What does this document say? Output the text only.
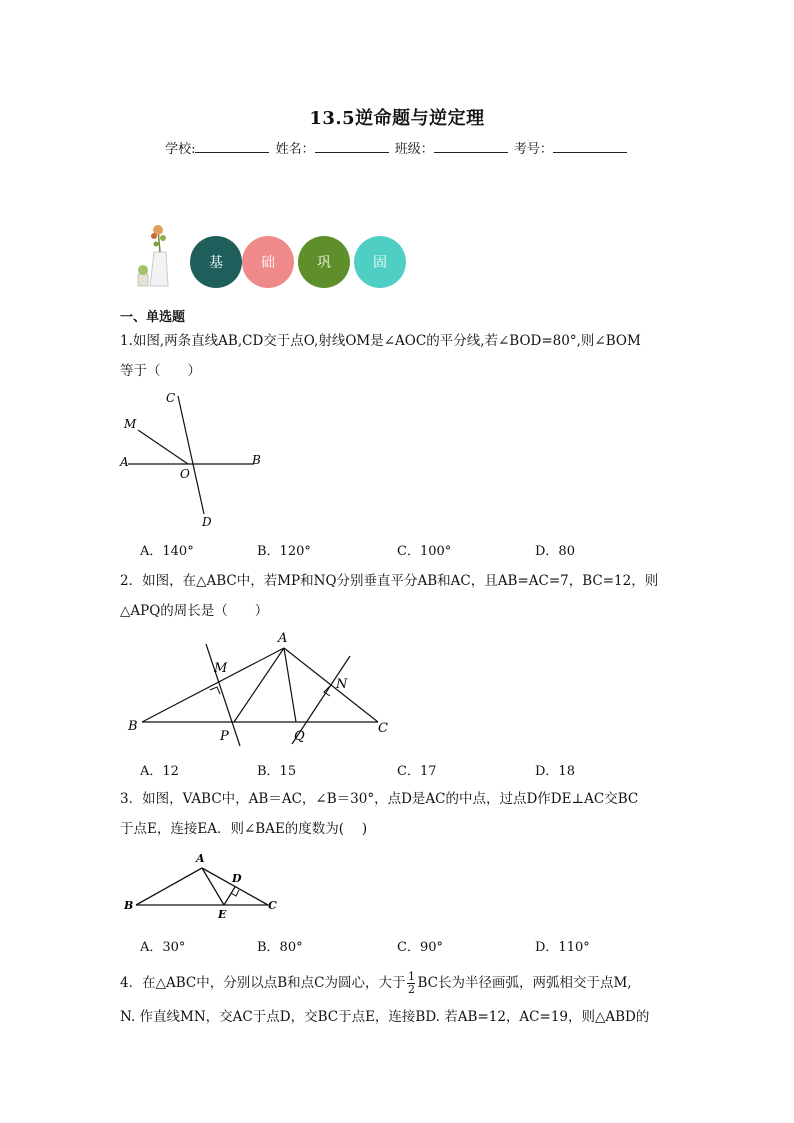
13.5逆命题与逆定理
学校:	姓名：	班级：	考号：
基	础	巩	固
一、单选题
1.如图,两条直线AB,CD交于点O,射线OM是∠AOC的平分线,若∠BOD=80°,则∠BOM
等于（　　）
C
M
A
O
B
D
A．140°	B．120°	C．100°	D．80
2．如图，在△ABC中，若MP和NQ分别垂直平分AB和AC，且AB=AC=7，BC=12，则
△APQ的周长是（　　）
A
M
N
B
P	Q
C
A．12	B．15	C．17	D．18
3．如图，VABC中，AB＝AC，∠B＝30°，点D是AC的中点，过点D作DE⊥AC交BC
于点E，连接EA．则∠BAE的度数为(　 )
A
D
B
E
C
A．30°	B．80°	C．90°	D．110°
4．在△ABC中，分别以点B和点C为圆心，大于 $\frac{1}{2}$ BC长为半径画弧，两弧相交于点M,
N. 作直线MN，交AC于点D，交BC于点E，连接BD. 若AB=12，AC=19，则△ABD的
